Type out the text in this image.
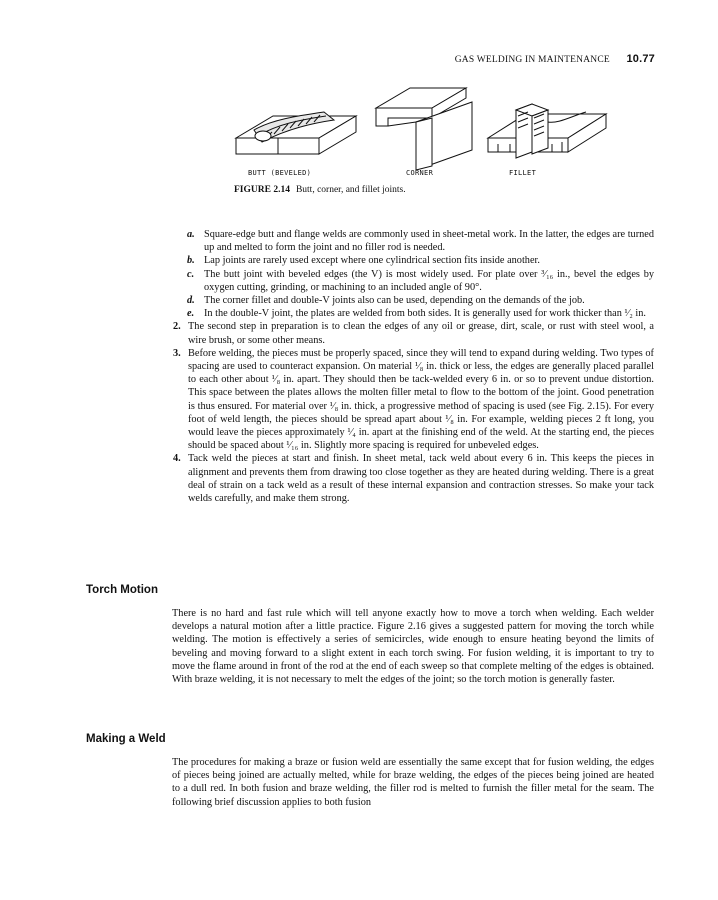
GAS WELDING IN MAINTENANCE 10.77
BUTT (BEVELED)	CORNER	FILLET
FIGURE 2.14 Butt, corner, and fillet joints.
a. Square-edge butt and flange welds are commonly used in sheet-metal work. In the latter, the edges are turned up and melted to form the joint and no filler rod is needed.
b. Lap joints are rarely used except where one cylindrical section fits inside another.
c. The butt joint with beveled edges (the V) is most widely used. For plate over ³⁄₁₆ in., bevel the edges by oxygen cutting, grinding, or machining to an included angle of 90°.
d. The corner fillet and double-V joints also can be used, depending on the demands of the job.
e. In the double-V joint, the plates are welded from both sides. It is generally used for work thicker than ¹⁄₂ in.
2. The second step in preparation is to clean the edges of any oil or grease, dirt, scale, or rust with steel wool, a wire brush, or some other means.
3. Before welding, the pieces must be properly spaced, since they will tend to expand during welding. Two types of spacing are used to counteract expansion. On material ¹⁄₈ in. thick or less, the edges are generally placed parallel to each other about ¹⁄₈ in. apart. They should then be tack-welded every 6 in. or so to prevent undue distortion. This space between the plates allows the molten filler metal to flow to the bottom of the joint. Good penetration is thus ensured. For material over ¹⁄₈ in. thick, a progressive method of spacing is used (see Fig. 2.15). For every foot of weld length, the pieces should be spread apart about ¹⁄₈ in. For example, welding pieces 2 ft long, you would leave the pieces approximately ¹⁄₄ in. apart at the finishing end of the weld. At the starting end, the pieces should be spaced about ¹⁄₁₆ in. Slightly more spacing is required for unbeveled edges.
4. Tack weld the pieces at start and finish. In sheet metal, tack weld about every 6 in. This keeps the pieces in alignment and prevents them from drawing too close together as they are heated during welding. There is a great deal of strain on a tack weld as a result of these internal expansion and contraction stresses. So make your tack welds carefully, and make them strong.
Torch Motion
There is no hard and fast rule which will tell anyone exactly how to move a torch when welding. Each welder develops a natural motion after a little practice. Figure 2.16 gives a suggested pattern for moving the torch while welding. The motion is effectively a series of semicircles, wide enough to ensure heating beyond the limits of beveling and moving forward to a slight extent in each torch swing. For fusion welding, it is important to try to move the flame around in front of the rod at the end of each sweep so that complete melting of the edges is obtained. With braze welding, it is not necessary to melt the edges of the joint; so the torch motion is generally faster.
Making a Weld
The procedures for making a braze or fusion weld are essentially the same except that for fusion welding, the edges of pieces being joined are actually melted, while for braze welding, the edges of the pieces being joined are heated to a dull red. In both fusion and braze welding, the filler rod is melted to furnish the filler metal for the seam. The following brief discussion applies to both fusion
